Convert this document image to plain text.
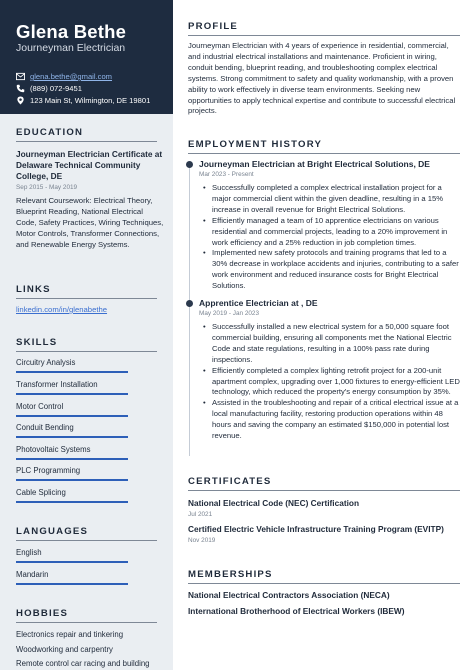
Glena Bethe
Journeyman Electrician
glena.bethe@gmail.com
(889) 072-9451
123 Main St, Wilmington, DE 19801
EDUCATION
Journeyman Electrician Certificate at Delaware Technical Community College, DE
Sep 2015 - May 2019
Relevant Coursework: Electrical Theory, Blueprint Reading, National Electrical Code, Safety Practices, Wiring Techniques, Motor Controls, Transformer Connections, and Renewable Energy Systems.
LINKS
linkedin.com/in/glenabethe
SKILLS
Circuitry Analysis
Transformer Installation
Motor Control
Conduit Bending
Photovoltaic Systems
PLC Programming
Cable Splicing
LANGUAGES
English
Mandarin
HOBBIES
Electronics repair and tinkering
Woodworking and carpentry
Remote control car racing and building
PROFILE
Journeyman Electrician with 4 years of experience in residential, commercial, and industrial electrical installations and maintenance. Proficient in wiring, conduit bending, blueprint reading, and troubleshooting complex electrical systems. Strong commitment to safety and quality workmanship, with a proven ability to work effectively in diverse team environments. Seeking new opportunities to apply technical expertise and contribute to successful electrical projects.
EMPLOYMENT HISTORY
Journeyman Electrician at Bright Electrical Solutions, DE
Mar 2023 - Present
• Successfully completed a complex electrical installation project for a major commercial client within the given deadline, resulting in a 15% increase in overall revenue for Bright Electrical Solutions.
• Efficiently managed a team of 10 apprentice electricians on various residential and commercial projects, leading to a 20% improvement in work efficiency and a 25% reduction in job completion times.
• Implemented new safety protocols and training programs that led to a 30% decrease in workplace accidents and injuries, contributing to a safer work environment and reduced insurance costs for Bright Electrical Solutions.
Apprentice Electrician at , DE
May 2019 - Jan 2023
• Successfully installed a new electrical system for a 50,000 square foot commercial building, ensuring all components met the National Electric Code and state regulations, resulting in a 100% pass rate during inspections.
• Efficiently completed a complex lighting retrofit project for a 200-unit apartment complex, upgrading over 1,000 fixtures to energy-efficient LED technology, which reduced the property's energy consumption by 35%.
• Assisted in the troubleshooting and repair of a critical electrical issue at a local manufacturing facility, restoring production operations within 48 hours and saving the company an estimated $150,000 in potential lost revenue.
CERTIFICATES
National Electrical Code (NEC) Certification
Jul 2021
Certified Electric Vehicle Infrastructure Training Program (EVITP)
Nov 2019
MEMBERSHIPS
National Electrical Contractors Association (NECA)
International Brotherhood of Electrical Workers (IBEW)
